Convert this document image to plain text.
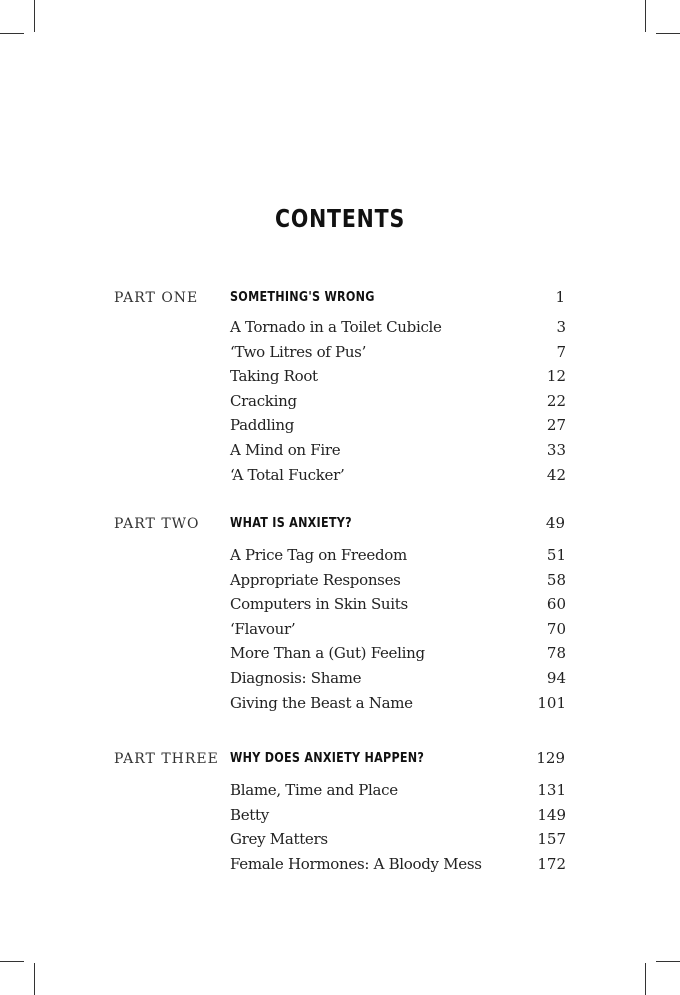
CONTENTS
PART ONE SOMETHING'S WRONG	1
A Tornado in a Toilet Cubicle	3
‘Two Litres of Pus’	7
Taking Root	12
Cracking	22
Paddling	27
A Mind on Fire	33
‘A Total Fucker’	42
PART TWO WHAT IS ANXIETY?	49
A Price Tag on Freedom	51
Appropriate Responses	58
Computers in Skin Suits	60
‘Flavour’	70
More Than a (Gut) Feeling	78
Diagnosis: Shame	94
Giving the Beast a Name	101
PART THREE WHY DOES ANXIETY HAPPEN?	129
Blame, Time and Place	131
Betty	149
Grey Matters	157
Female Hormones: A Bloody Mess	172
